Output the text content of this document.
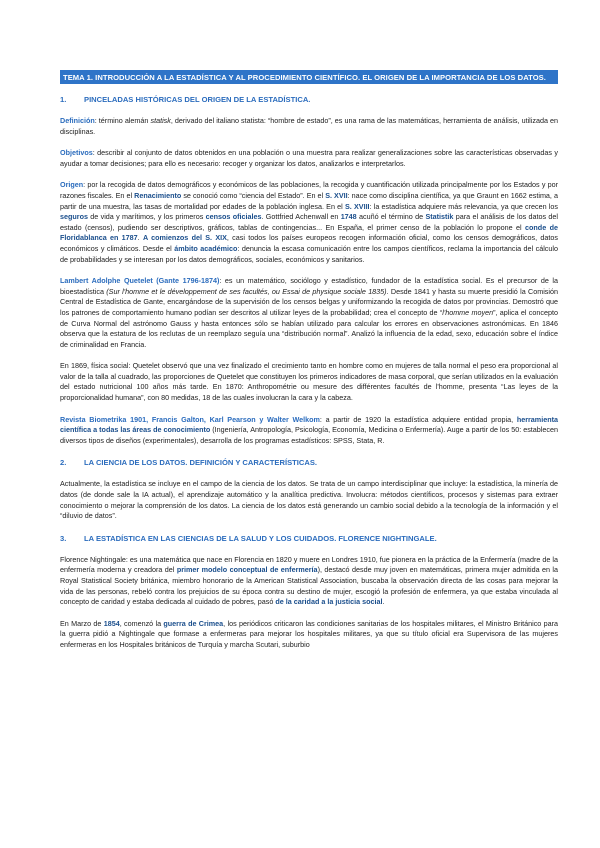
TEMA 1. INTRODUCCIÓN A LA ESTADÍSTICA Y AL PROCEDIMIENTO CIENTÍFICO. EL ORIGEN DE LA IMPORTANCIA DE LOS DATOS.
1.	PINCELADAS HISTÓRICAS DEL ORIGEN DE LA ESTADÍSTICA.

Definición: término alemán statisk, derivado del italiano statista: “hombre de estado”, es una rama de las matemáticas, herramienta de análisis, utilizada en disciplinas.

Objetivos: describir al conjunto de datos obtenidos en una población o una muestra para realizar generalizaciones sobre las características observadas y ayudar a tomar decisiones; para ello es necesario: recoger y organizar los datos, analizarlos e interpretarlos.

Origen: por la recogida de datos demográficos y económicos de las poblaciones, la recogida y cuantificación utilizada principalmente por los Estados y por razones fiscales. En el Renacimiento se conoció como “ciencia del Estado”. En el S. XVII: nace como disciplina científica, ya que Graunt en 1662 estima, a partir de una muestra, las tasas de mortalidad por edades de la población inglesa. En el S. XVIII: la estadística adquiere más relevancia, ya que crecen los seguros de vida y marítimos, y los primeros censos oficiales. Gottfried Achenwall en 1748 acuñó el término de Statistik para el análisis de los datos del estado (censos), pudiendo ser descriptivos, gráficos, tablas de contingencias... En España, el primer censo de la población lo propone el conde de Floridablanca en 1787. A comienzos del S. XIX, casi todos los países europeos recogen información oficial, como los censos demográficos, datos económicos y climáticos. Desde el ámbito académico: denuncia la escasa comunicación entre los campos científicos, reclama la importancia del cálculo de probabilidades y se interesan por los datos demográficos, sociales, económicos y sanitarios.

Lambert Adolphe Quetelet (Gante 1796-1874): es un matemático, sociólogo y estadístico, fundador de la estadística social. Es el precursor de la bioestadística (Sur l'homme et le développement de ses facultés, ou Essai de physique sociale 1835). Desde 1841 y hasta su muerte presidió la Comisión Central de Estadística de Gante, encargándose de la supervisión de los censos belgas y uniformizando la recogida de datos por provincias. Demostró que los patrones de comportamiento humano podían ser descritos al utilizar leyes de la probabilidad; crea el concepto de “l'homme moyen”, aplica el concepto de Curva Normal del astrónomo Gauss y hasta entonces sólo se habían utilizado para calcular los errores en observaciones astronómicas. En 1846 observa que la estatura de los reclutas de un reemplazo seguía una “distribución normal”. Analizó la influencia de la edad, sexo, educación sobre el índice de criminalidad en Francia.

En 1869, física social: Quetelet observó que una vez finalizado el crecimiento tanto en hombre como en mujeres de talla normal el peso era proporcional al valor de la talla al cuadrado, las proporciones de Quetelet que constituyen los primeros indicadores de masa corporal, que serían utilizados en la evaluación del estado nutricional 100 años más tarde. En 1870: Anthropométrie ou mesure des différentes facultés de l'homme, presenta “Las leyes de la proporcionalidad humana”, con 80 medidas, 18 de las cuales involucran la cara y la cabeza.

Revista Biometrika 1901, Francis Galton, Karl Pearson y Walter Welkom: a partir de 1920 la estadística adquiere entidad propia, herramienta científica a todas las áreas de conocimiento (Ingeniería, Antropología, Psicología, Economía, Medicina o Enfermería). Auge a partir de los 50: establecen diversos tipos de diseños (experimentales), desarrolla de los programas estadísticos: SPSS, Stata, R.

2.	LA CIENCIA DE LOS DATOS. DEFINICIÓN Y CARACTERÍSTICAS.

Actualmente, la estadística se incluye en el campo de la ciencia de los datos. Se trata de un campo interdisciplinar que incluye: la estadística, la minería de datos (de donde sale la IA actual), el aprendizaje automático y la analítica predictiva. Involucra: métodos científicos, procesos y sistemas para extraer conocimiento o mejorar la comprensión de los datos. La ciencia de los datos está generando un cambio social debido a la tecnología de la información y el “diluvio de datos”.

3.	LA ESTADÍSTICA EN LAS CIENCIAS DE LA SALUD Y LOS CUIDADOS. FLORENCE NIGHTINGALE.

Florence Nightingale: es una matemática que nace en Florencia en 1820 y muere en Londres 1910, fue pionera en la práctica de la Enfermería (madre de la enfermería moderna y creadora del primer modelo conceptual de enfermería), destacó desde muy joven en matemáticas, primera mujer admitida en la Royal Statistical Society británica, miembro honorario de la American Statistical Association, buscaba la observación directa de las cosas para mejorar la vida de las personas, rebeló contra los prejuicios de su época contra su destino de mujer, escogió la profesión de enfermera, ya que estaba vinculada al concepto de caridad y estaba dedicada al cuidado de pobres, pasó de la caridad a la justicia social.

En Marzo de 1854, comenzó la guerra de Crimea, los periódicos criticaron las condiciones sanitarias de los hospitales militares, el Ministro Británico para la guerra pidió a Nightingale que formase a enfermeras para mejorar los hospitales militares, ya que su título oficial era Supervisora de las mujeres enfermeras en los Hospitales británicos de Turquía y marcha Scutari, suburbio
